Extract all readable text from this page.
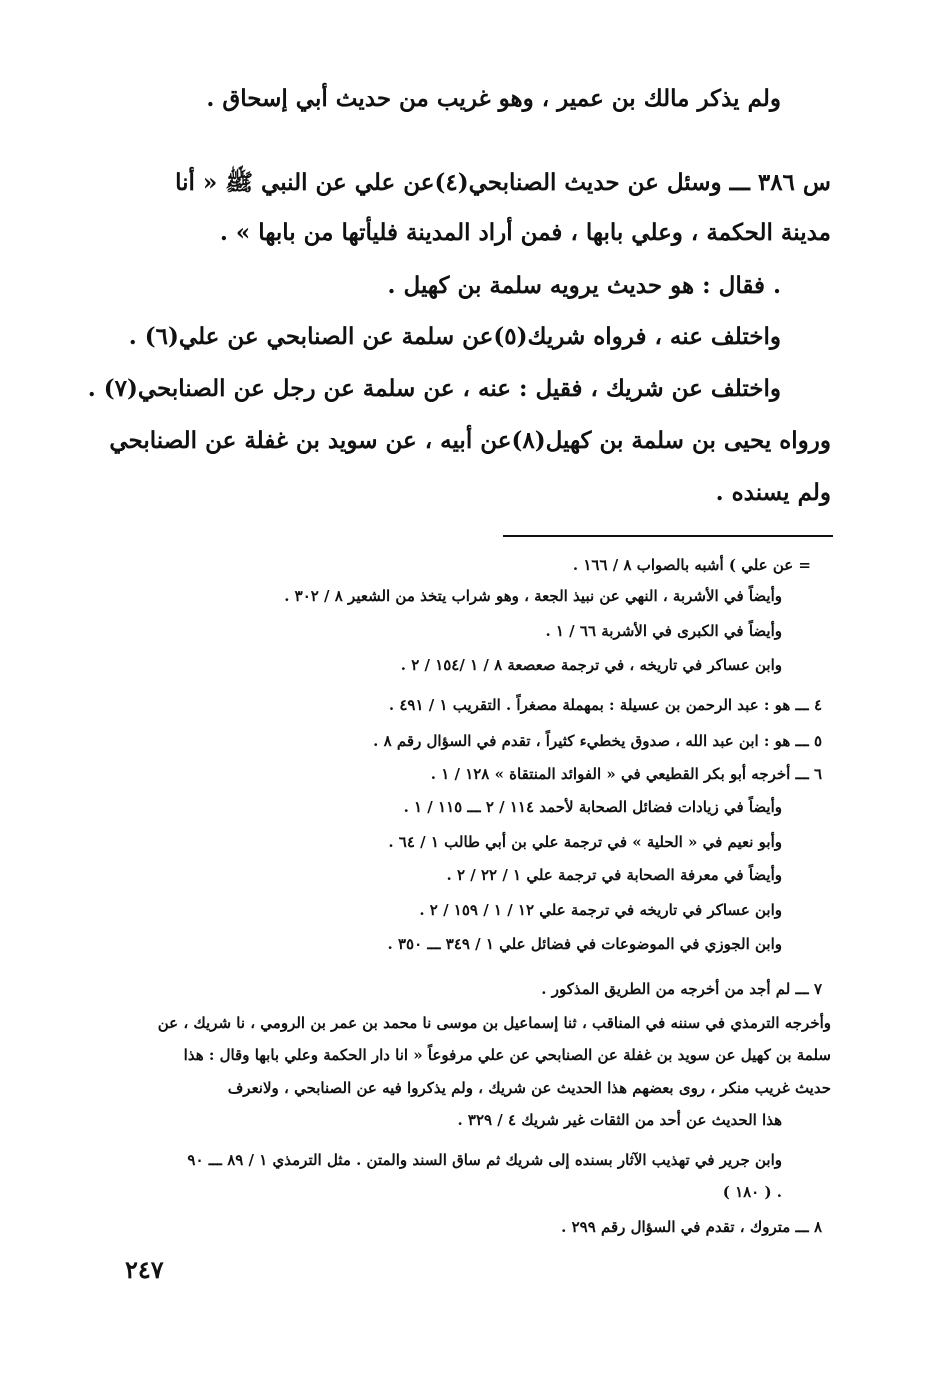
ولم يذكر مالك بن عمير ، وهو غريب من حديث أبي إسحاق .
س ٣٨٦ ـــ وسئل عن حديث الصنابحي(٤)عن علي عن النبي ﷺ « أنا
مدينة الحكمة ، وعلي بابها ، فمن أراد المدينة فليأتها من بابها » .
. فقال : هو حديث يرويه سلمة بن كهيل .
واختلف عنه ، فرواه شريك(٥)عن سلمة عن الصنابحي عن علي(٦) .
واختلف عن شريك ، فقيل : عنه ، عن سلمة عن رجل عن الصنابحي(٧) .
ورواه يحيى بن سلمة بن كهيل(٨)عن أبيه ، عن سويد بن غفلة عن الصنابحي
ولم يسنده .
= عن علي ) أشبه بالصواب ٨ / ١٦٦ .
وأيضاً في الأشربة ، النهي عن نبيذ الجعة ، وهو شراب يتخذ من الشعير ٨ / ٣٠٢ .
وأيضاً في الكبرى في الأشربة ٦٦ / ١ .
وابن عساكر في تاريخه ، في ترجمة صعصعة ٨ / ١ /١٥٤ / ٢ .
٤ ـــ هو : عبد الرحمن بن عسيلة : بمهملة مصغراً . التقريب ١ / ٤٩١ .
٥ ـــ هو : ابن عبد الله ، صدوق يخطيء كثيراً ، تقدم في السؤال رقم ٨ .
٦ ـــ أخرجه أبو بكر القطيعي في « الفوائد المنتقاة » ١٢٨ / ١ .
وأيضاً في زيادات فضائل الصحابة لأحمد ١١٤ / ٢ ـــ ١١٥ / ١ .
وأبو نعيم في « الحلية » في ترجمة علي بن أبي طالب ١ / ٦٤ .
وأيضاً في معرفة الصحابة في ترجمة علي ١ / ٢٢ / ٢ .
وابن عساكر في تاريخه في ترجمة علي ١٢ / ١ / ١٥٩ / ٢ .
وابن الجوزي في الموضوعات في فضائل علي ١ / ٣٤٩ ـــ ٣٥٠ .
٧ ـــ لم أجد من أخرجه من الطريق المذكور .
وأخرجه الترمذي في سننه في المناقب ، ثنا إسماعيل بن موسى نا محمد بن عمر بن الرومي ، نا شريك ، عن
سلمة بن كهيل عن سويد بن غفلة عن الصنابحي عن علي مرفوعاً « انا دار الحكمة وعلي بابها وقال : هذا
حديث غريب منكر ، روى بعضهم هذا الحديث عن شريك ، ولم يذكروا فيه عن الصنابحي ، ولانعرف
هذا الحديث عن أحد من الثقات غير شريك ٤ / ٣٢٩ .
وابن جرير في تهذيب الآثار بسنده إلى شريك ثم ساق السند والمتن . مثل الترمذي ١ / ٨٩ ـــ ٩٠
( ١٨٠ ) .
٨ ـــ متروك ، تقدم في السؤال رقم ٢٩٩ .
٢٤٧
